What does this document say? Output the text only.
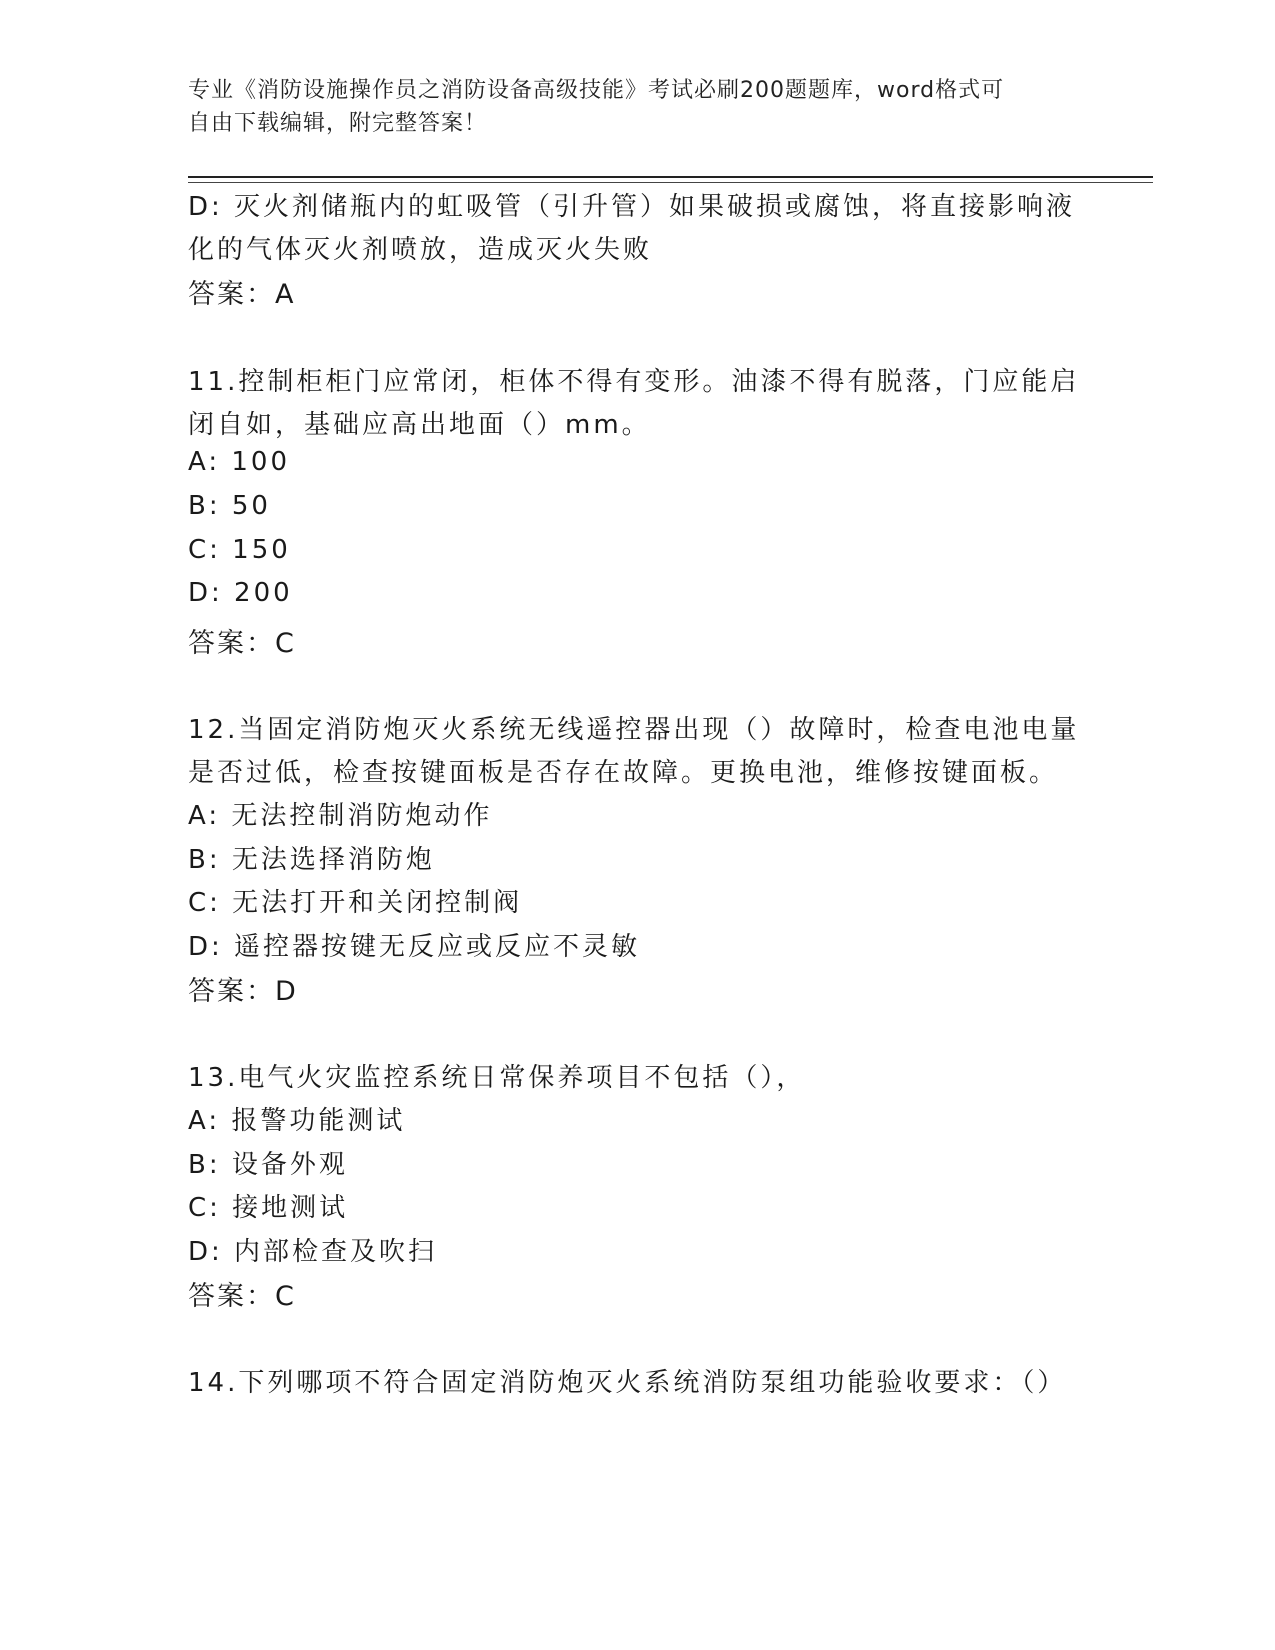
专业《消防设施操作员之消防设备高级技能》考试必刷200题题库，word格式可
自由下载编辑，附完整答案！
D: 灭火剂储瓶内的虹吸管（引升管）如果破损或腐蚀，将直接影响液
化的气体灭火剂喷放，造成灭火失败
答案：A
11.控制柜柜门应常闭，柜体不得有变形。油漆不得有脱落，门应能启
闭自如，基础应高出地面（）mm。
A: 100
B: 50
C: 150
D: 200
答案：C
12.当固定消防炮灭火系统无线遥控器出现（）故障时，检查电池电量
是否过低，检查按键面板是否存在故障。更换电池，维修按键面板。
A: 无法控制消防炮动作
B: 无法选择消防炮
C: 无法打开和关闭控制阀
D: 遥控器按键无反应或反应不灵敏
答案：D
13.电气火灾监控系统日常保养项目不包括（），
A: 报警功能测试
B: 设备外观
C: 接地测试
D: 内部检查及吹扫
答案：C
14.下列哪项不符合固定消防炮灭火系统消防泵组功能验收要求：（）
